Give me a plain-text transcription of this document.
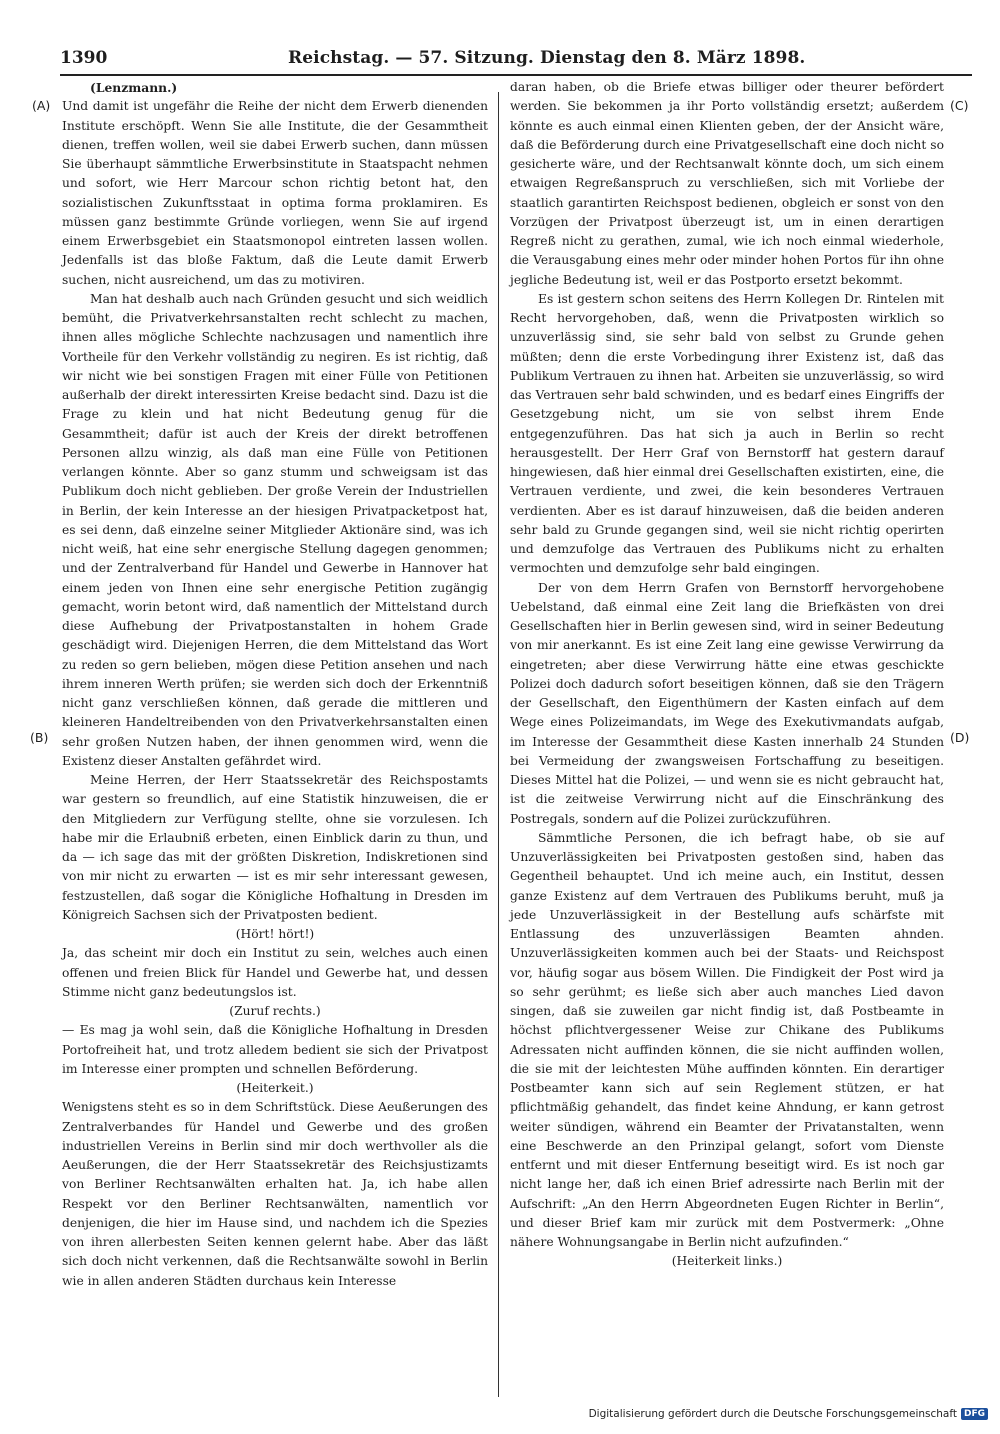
1390	Reichstag. — 57. Sitzung. Dienstag den 8. März 1898.
(A)
(B)
(C)
(D)

(Lenzmann.)

Und damit ist ungefähr die Reihe der nicht dem Erwerb dienenden Institute erschöpft. Wenn Sie alle Institute, die der Gesammtheit dienen, treffen wollen, weil sie dabei Erwerb suchen, dann müssen Sie überhaupt sämmtliche Erwerbsinstitute in Staatspacht nehmen und sofort, wie Herr Marcour schon richtig betont hat, den sozialistischen Zukunftsstaat in optima forma proklamiren. Es müssen ganz bestimmte Gründe vorliegen, wenn Sie auf irgend einem Erwerbsgebiet ein Staatsmonopol eintreten lassen wollen. Jedenfalls ist das bloße Faktum, daß die Leute damit Erwerb suchen, nicht ausreichend, um das zu motiviren.

Man hat deshalb auch nach Gründen gesucht und sich weidlich bemüht, die Privatverkehrsanstalten recht schlecht zu machen, ihnen alles mögliche Schlechte nachzusagen und namentlich ihre Vortheile für den Verkehr vollständig zu negiren. Es ist richtig, daß wir nicht wie bei sonstigen Fragen mit einer Fülle von Petitionen außerhalb der direkt interessirten Kreise bedacht sind. Dazu ist die Frage zu klein und hat nicht Bedeutung genug für die Gesammtheit; dafür ist auch der Kreis der direkt betroffenen Personen allzu winzig, als daß man eine Fülle von Petitionen verlangen könnte. Aber so ganz stumm und schweigsam ist das Publikum doch nicht geblieben. Der große Verein der Industriellen in Berlin, der kein Interesse an der hiesigen Privatpacketpost hat, es sei denn, daß einzelne seiner Mitglieder Aktionäre sind, was ich nicht weiß, hat eine sehr energische Stellung dagegen genommen; und der Zentralverband für Handel und Gewerbe in Hannover hat einem jeden von Ihnen eine sehr energische Petition zugängig gemacht, worin betont wird, daß namentlich der Mittelstand durch diese Aufhebung der Privatpostanstalten in hohem Grade geschädigt wird. Diejenigen Herren, die dem Mittelstand das Wort zu reden so gern belieben, mögen diese Petition ansehen und nach ihrem inneren Werth prüfen; sie werden sich doch der Erkenntniß nicht ganz verschließen können, daß gerade die mittleren und kleineren Handeltreibenden von den Privatverkehrsanstalten einen sehr großen Nutzen haben, der ihnen genommen wird, wenn die Existenz dieser Anstalten gefährdet wird.

Meine Herren, der Herr Staatssekretär des Reichspostamts war gestern so freundlich, auf eine Statistik hinzuweisen, die er den Mitgliedern zur Verfügung stellte, ohne sie vorzulesen. Ich habe mir die Erlaubniß erbeten, einen Einblick darin zu thun, und da — ich sage das mit der größten Diskretion, Indiskretionen sind von mir nicht zu erwarten — ist es mir sehr interessant gewesen, festzustellen, daß sogar die Königliche Hofhaltung in Dresden im Königreich Sachsen sich der Privatposten bedient.

(Hört! hört!)

Ja, das scheint mir doch ein Institut zu sein, welches auch einen offenen und freien Blick für Handel und Gewerbe hat, und dessen Stimme nicht ganz bedeutungslos ist.

(Zuruf rechts.)

— Es mag ja wohl sein, daß die Königliche Hofhaltung in Dresden Portofreiheit hat, und trotz alledem bedient sie sich der Privatpost im Interesse einer prompten und schnellen Beförderung.

(Heiterkeit.)

Wenigstens steht es so in dem Schriftstück. Diese Aeußerungen des Zentralverbandes für Handel und Gewerbe und des großen industriellen Vereins in Berlin sind mir doch werthvoller als die Aeußerungen, die der Herr Staatssekretär des Reichsjustizamts von Berliner Rechtsanwälten erhalten hat. Ja, ich habe allen Respekt vor den Berliner Rechtsanwälten, namentlich vor denjenigen, die hier im Hause sind, und nachdem ich die Spezies von ihren allerbesten Seiten kennen gelernt habe. Aber das läßt sich doch nicht verkennen, daß die Rechtsanwälte sowohl in Berlin wie in allen anderen Städten durchaus kein Interesse

daran haben, ob die Briefe etwas billiger oder theurer befördert werden. Sie bekommen ja ihr Porto vollständig ersetzt; außerdem könnte es auch einmal einen Klienten geben, der der Ansicht wäre, daß die Beförderung durch eine Privatgesellschaft eine doch nicht so gesicherte wäre, und der Rechtsanwalt könnte doch, um sich einem etwaigen Regreßanspruch zu verschließen, sich mit Vorliebe der staatlich garantirten Reichspost bedienen, obgleich er sonst von den Vorzügen der Privatpost überzeugt ist, um in einen derartigen Regreß nicht zu gerathen, zumal, wie ich noch einmal wiederhole, die Verausgabung eines mehr oder minder hohen Portos für ihn ohne jegliche Bedeutung ist, weil er das Postporto ersetzt bekommt.

Es ist gestern schon seitens des Herrn Kollegen Dr. Rintelen mit Recht hervorgehoben, daß, wenn die Privatposten wirklich so unzuverlässig sind, sie sehr bald von selbst zu Grunde gehen müßten; denn die erste Vorbedingung ihrer Existenz ist, daß das Publikum Vertrauen zu ihnen hat. Arbeiten sie unzuverlässig, so wird das Vertrauen sehr bald schwinden, und es bedarf eines Eingriffs der Gesetzgebung nicht, um sie von selbst ihrem Ende entgegenzuführen. Das hat sich ja auch in Berlin so recht herausgestellt. Der Herr Graf von Bernstorff hat gestern darauf hingewiesen, daß hier einmal drei Gesellschaften existirten, eine, die Vertrauen verdiente, und zwei, die kein besonderes Vertrauen verdienten. Aber es ist darauf hinzuweisen, daß die beiden anderen sehr bald zu Grunde gegangen sind, weil sie nicht richtig operirten und demzufolge das Vertrauen des Publikums nicht zu erhalten vermochten und demzufolge sehr bald eingingen.

Der von dem Herrn Grafen von Bernstorff hervorgehobene Uebelstand, daß einmal eine Zeit lang die Briefkästen von drei Gesellschaften hier in Berlin gewesen sind, wird in seiner Bedeutung von mir anerkannt. Es ist eine Zeit lang eine gewisse Verwirrung da eingetreten; aber diese Verwirrung hätte eine etwas geschickte Polizei doch dadurch sofort beseitigen können, daß sie den Trägern der Gesellschaft, den Eigenthümern der Kasten einfach auf dem Wege eines Polizeimandats, im Wege des Exekutivmandats aufgab, im Interesse der Gesammtheit diese Kasten innerhalb 24 Stunden bei Vermeidung der zwangsweisen Fortschaffung zu beseitigen. Dieses Mittel hat die Polizei, — und wenn sie es nicht gebraucht hat, ist die zeitweise Verwirrung nicht auf die Einschränkung des Postregals, sondern auf die Polizei zurückzuführen.

Sämmtliche Personen, die ich befragt habe, ob sie auf Unzuverlässigkeiten bei Privatposten gestoßen sind, haben das Gegentheil behauptet. Und ich meine auch, ein Institut, dessen ganze Existenz auf dem Vertrauen des Publikums beruht, muß ja jede Unzuverlässigkeit in der Bestellung aufs schärfste mit Entlassung des unzuverlässigen Beamten ahnden. Unzuverlässigkeiten kommen auch bei der Staats- und Reichspost vor, häufig sogar aus bösem Willen. Die Findigkeit der Post wird ja so sehr gerühmt; es ließe sich aber auch manches Lied davon singen, daß sie zuweilen gar nicht findig ist, daß Postbeamte in höchst pflichtvergessener Weise zur Chikane des Publikums Adressaten nicht auffinden können, die sie nicht auffinden wollen, die sie mit der leichtesten Mühe auffinden könnten. Ein derartiger Postbeamter kann sich auf sein Reglement stützen, er hat pflichtmäßig gehandelt, das findet keine Ahndung, er kann getrost weiter sündigen, während ein Beamter der Privatanstalten, wenn eine Beschwerde an den Prinzipal gelangt, sofort vom Dienste entfernt und mit dieser Entfernung beseitigt wird. Es ist noch gar nicht lange her, daß ich einen Brief adressirte nach Berlin mit der Aufschrift: „An den Herrn Abgeordneten Eugen Richter in Berlin“, und dieser Brief kam mir zurück mit dem Postvermerk: „Ohne nähere Wohnungsangabe in Berlin nicht aufzufinden.“

(Heiterkeit links.)

Digitalisierung gefördert durch die Deutsche Forschungsgemeinschaft DFG
